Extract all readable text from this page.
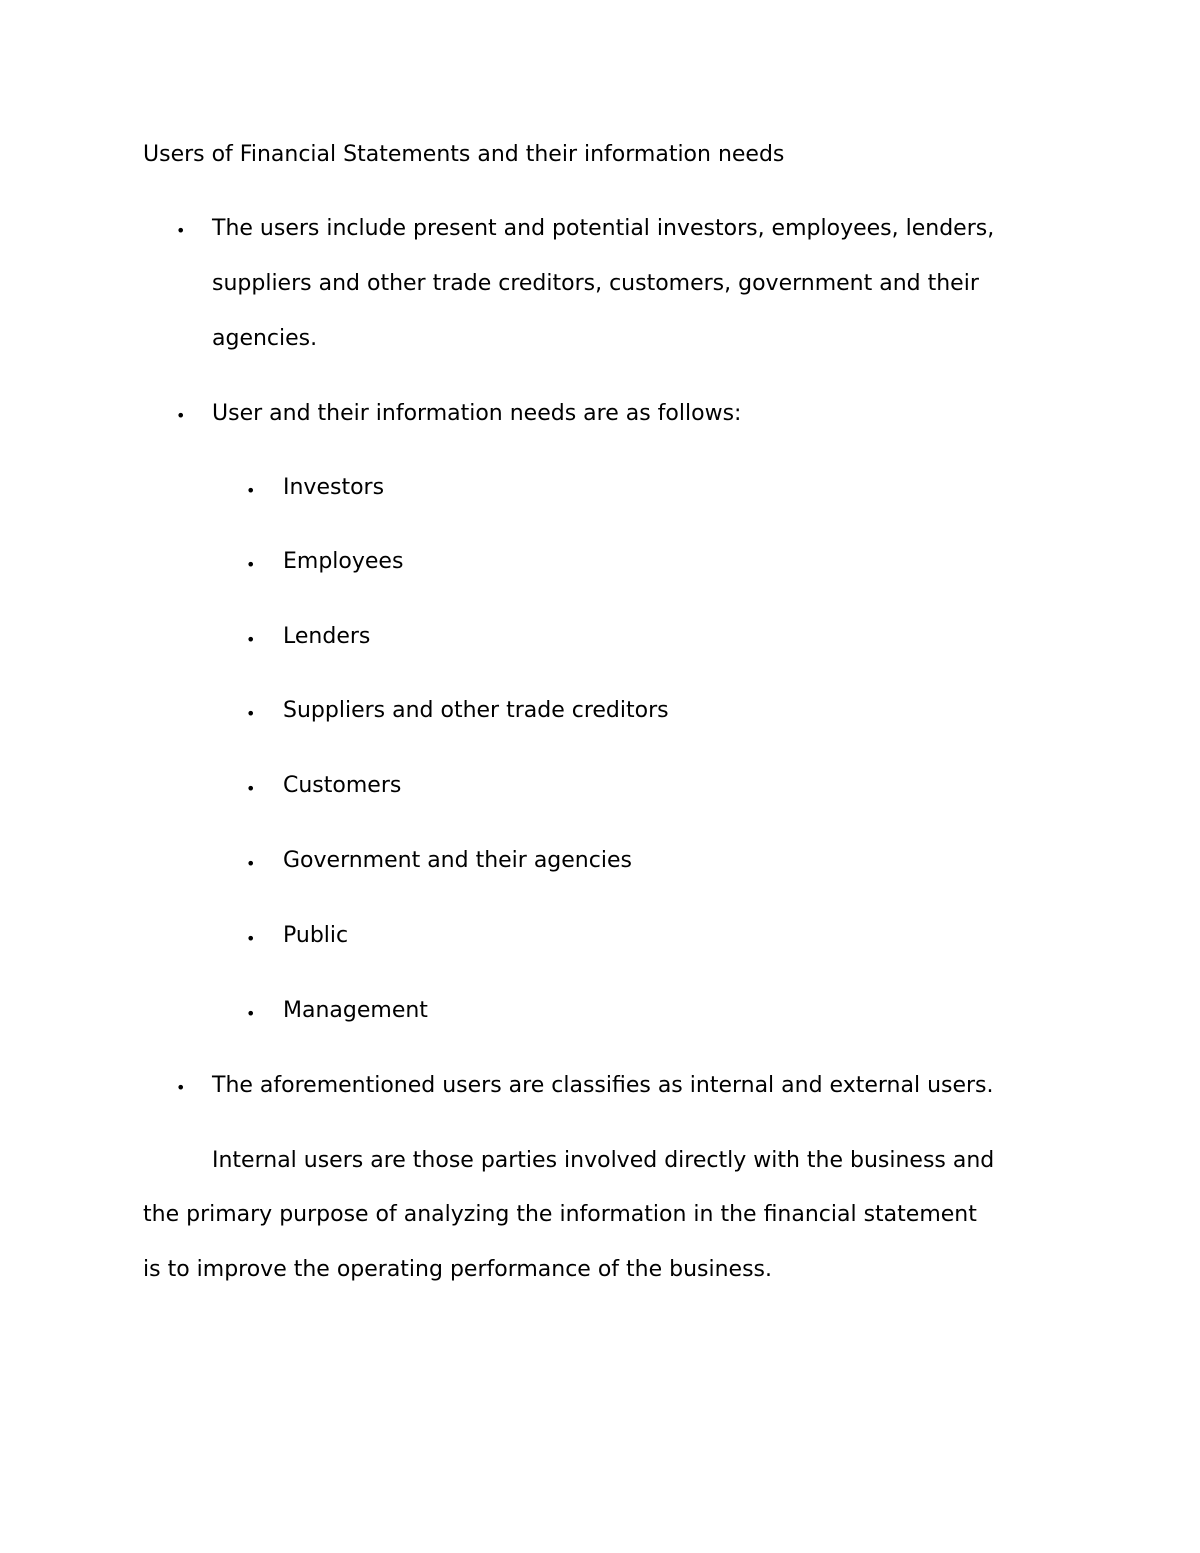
Users of Financial Statements and their information needs
• The users include present and potential investors, employees, lenders,
suppliers and other trade creditors, customers, government and their
agencies.
• User and their information needs are as follows:
• Investors
• Employees
• Lenders
• Suppliers and other trade creditors
• Customers
• Government and their agencies
• Public
• Management
• The aforementioned users are classifies as internal and external users.
Internal users are those parties involved directly with the business and
the primary purpose of analyzing the information in the financial statement
is to improve the operating performance of the business.
